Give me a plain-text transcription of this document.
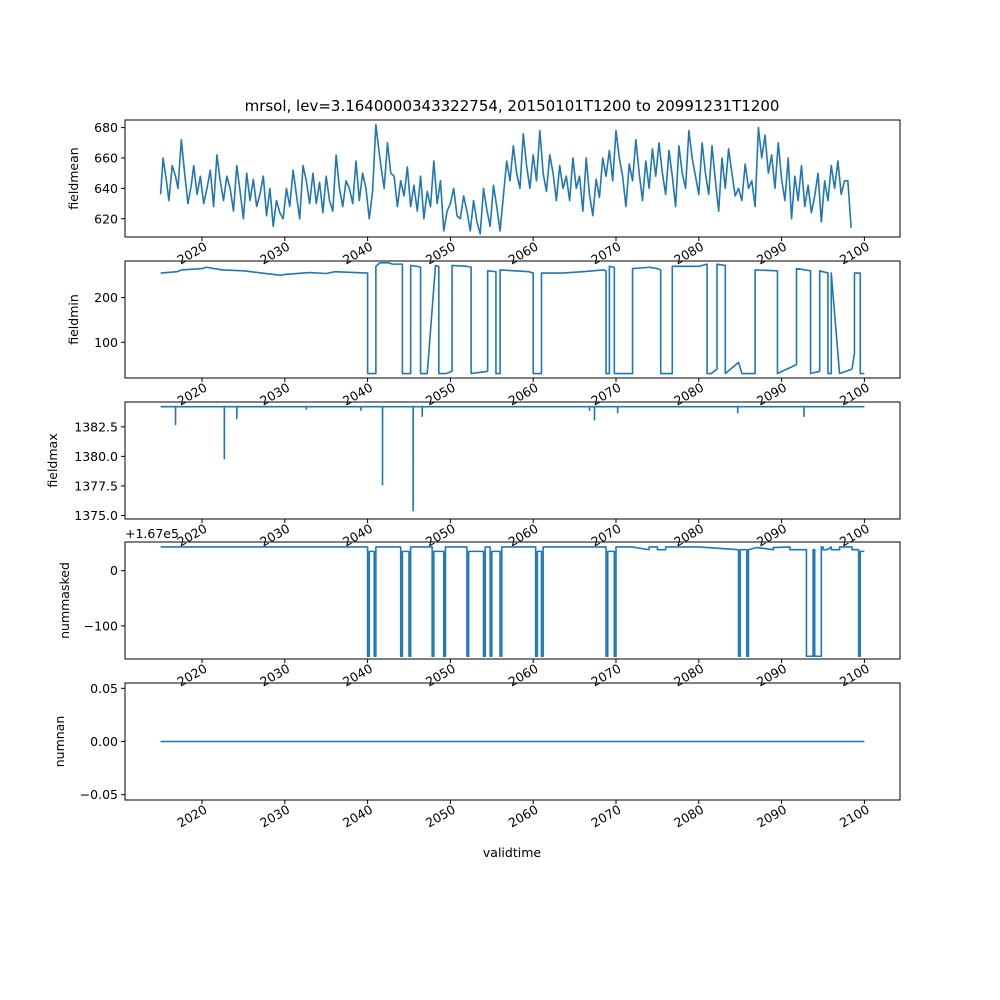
mrsol, lev=3.1640000343322754, 20150101T1200 to 20991231T1200
620
640
660
680
fieldmean
2020	2030	2040	2050	2060	2070	2080	2090	2100
100
200
fieldmin
2020	2030	2040	2050	2060	2070	2080	2090	2100
1375.0
1377.5
1380.0
1382.5
fieldmax
2020	2030	2040	2050	2060	2070	2080	2090	2100
−100
0
nummasked
+1.67e5
2020	2030	2040	2050	2060	2070	2080	2090	2100
−0.05
0.00
0.05
numnan
2020	2030	2040	2050	2060	2070	2080	2090	2100
validtime
